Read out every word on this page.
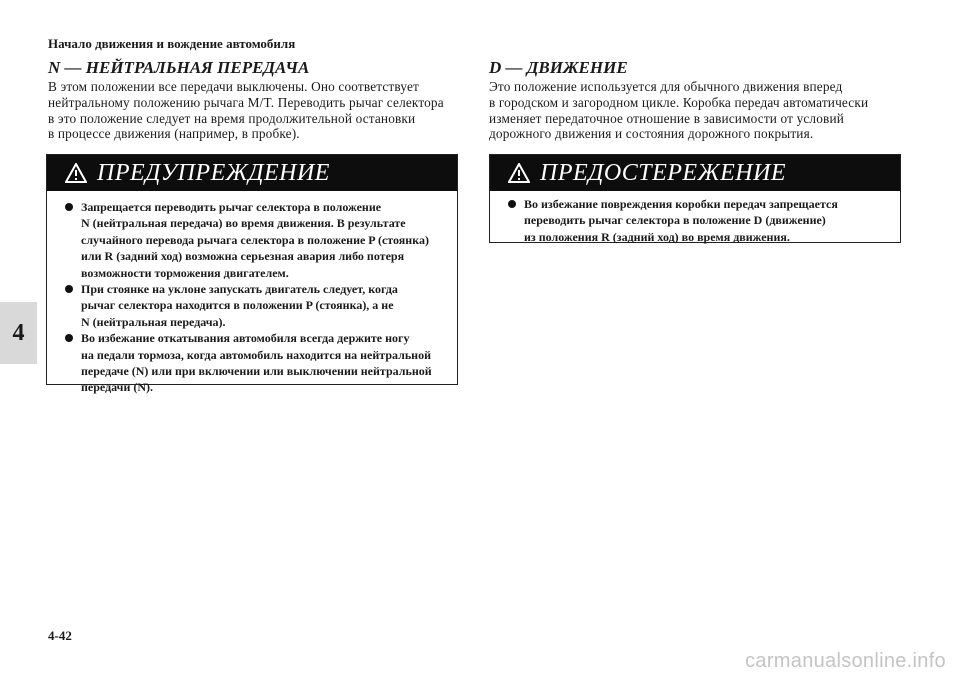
Начало движения и вождение автомобиля
4
N — НЕЙТРАЛЬНАЯ ПЕРЕДАЧА

В этом положении все передачи выключены. Оно соответствует
нейтральному положению рычага M/T. Переводить рычаг селектора
в это положение следует на время продолжительной остановки
в процессе движения (например, в пробке).

ПРЕДУПРЕЖДЕНИЕ
Запрещается переводить рычаг селектора в положение
N (нейтральная передача) во время движения. В результате
случайного перевода рычага селектора в положение P (стоянка)
или R (задний ход) возможна серьезная авария либо потеря
возможности торможения двигателем.
При стоянке на уклоне запускать двигатель следует, когда
рычаг селектора находится в положении P (стоянка), а не
N (нейтральная передача).
Во избежание откатывания автомобиля всегда держите ногу
на педали тормоза, когда автомобиль находится на нейтральной
передаче (N) или при включении или выключении нейтральной
передачи (N).
D — ДВИЖЕНИЕ

Это положение используется для обычного движения вперед
в городском и загородном цикле. Коробка передач автоматически
изменяет передаточное отношение в зависимости от условий
дорожного движения и состояния дорожного покрытия.

ПРЕДОСТЕРЕЖЕНИЕ
Во избежание повреждения коробки передач запрещается
переводить рычаг селектора в положение D (движение)
из положения R (задний ход) во время движения.
4-42
carmanualsonline.info
